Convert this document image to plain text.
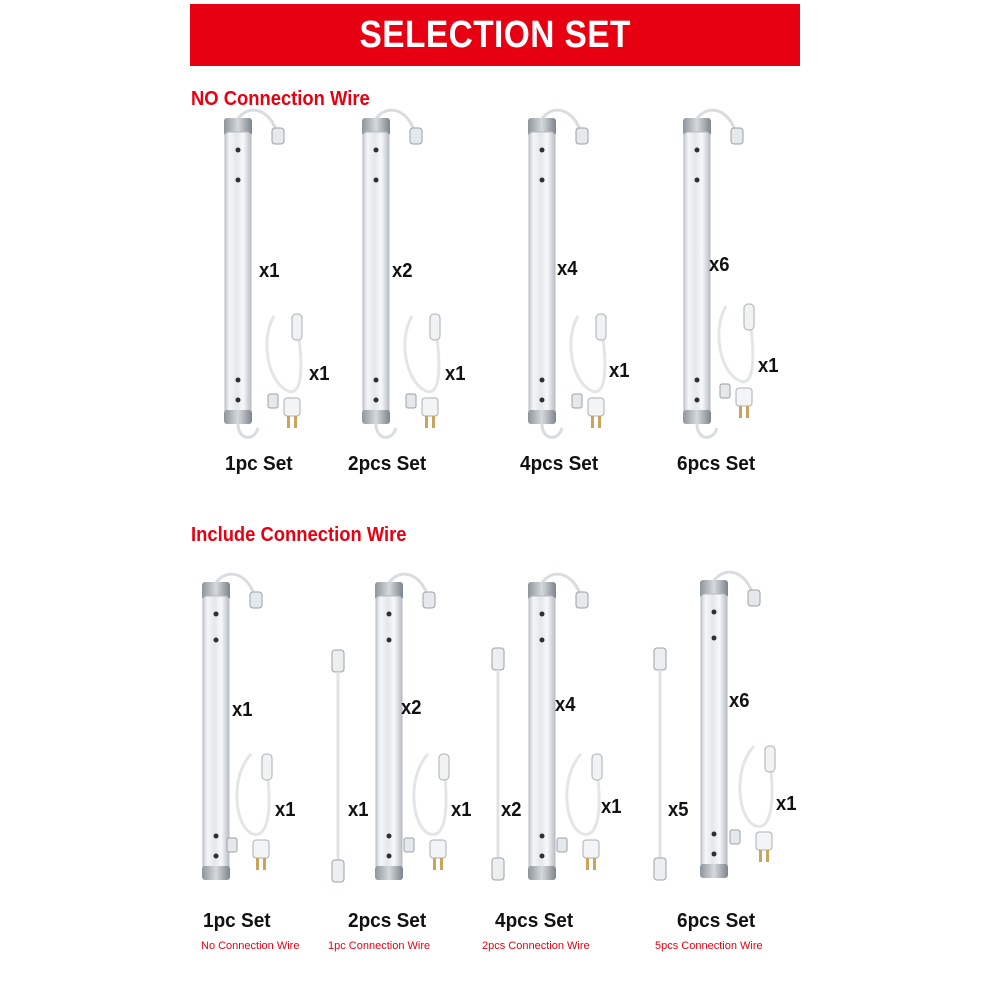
SELECTION SET
NO Connection Wire
Include Connection Wire
x1
x1
1pc Set
x2
x1
2pcs Set
x4
x1
4pcs Set
x6
x1
6pcs Set
x1
x1
1pc Set
No Connection Wire
x1
x2
x1
2pcs Set
1pc Connection Wire
x2
x4
x1
4pcs Set
2pcs Connection Wire
x5
x6
x1
6pcs Set
5pcs Connection Wire
